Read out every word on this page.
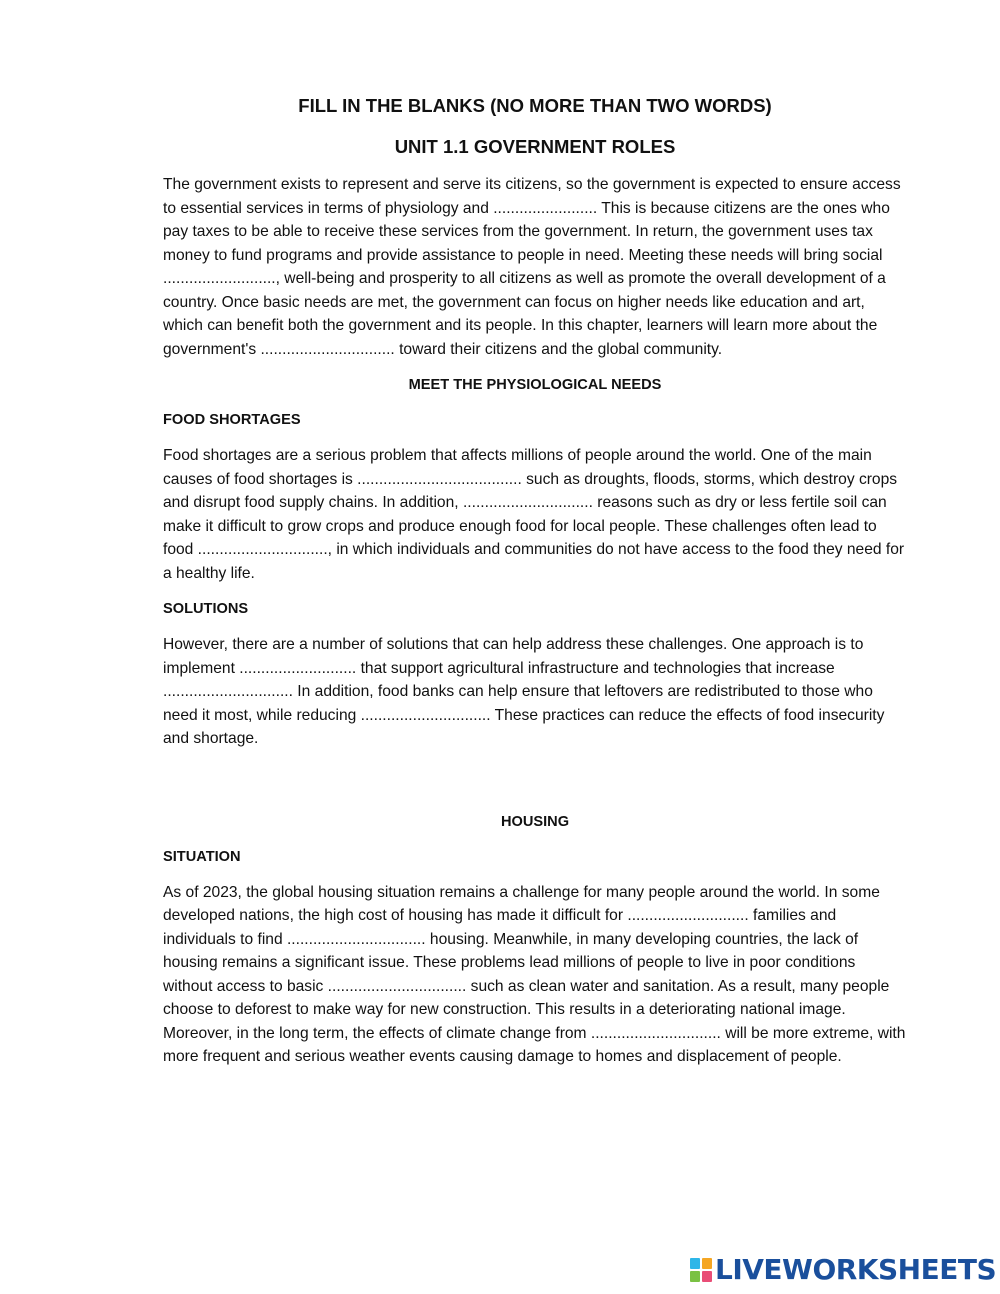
FILL IN THE BLANKS (NO MORE THAN TWO WORDS)
UNIT 1.1 GOVERNMENT ROLES

The government exists to represent and serve its citizens, so the government is expected to ensure access to essential services in terms of physiology and ........................ This is because citizens are the ones who pay taxes to be able to receive these services from the government. In return, the government uses tax money to fund programs and provide assistance to people in need. Meeting these needs will bring social .........................., well-being and prosperity to all citizens as well as promote the overall development of a country. Once basic needs are met, the government can focus on higher needs like education and art, which can benefit both the government and its people. In this chapter, learners will learn more about the government's ............................... toward their citizens and the global community.

MEET THE PHYSIOLOGICAL NEEDS
FOOD SHORTAGES

Food shortages are a serious problem that affects millions of people around the world. One of the main causes of food shortages is ...................................... such as droughts, floods, storms, which destroy crops and disrupt food supply chains. In addition, .............................. reasons such as dry or less fertile soil can make it difficult to grow crops and produce enough food for local people. These challenges often lead to food .............................., in which individuals and communities do not have access to the food they need for a healthy life.

SOLUTIONS

However, there are a number of solutions that can help address these challenges. One approach is to implement ........................... that support agricultural infrastructure and technologies that increase .............................. In addition, food banks can help ensure that leftovers are redistributed to those who need it most, while reducing .............................. These practices can reduce the effects of food insecurity and shortage.

HOUSING
SITUATION

As of 2023, the global housing situation remains a challenge for many people around the world. In some developed nations, the high cost of housing has made it difficult for ............................ families and individuals to find ................................ housing. Meanwhile, in many developing countries, the lack of housing remains a significant issue. These problems lead millions of people to live in poor conditions without access to basic ................................ such as clean water and sanitation. As a result, many people choose to deforest to make way for new construction. This results in a deteriorating national image. Moreover, in the long term, the effects of climate change from .............................. will be more extreme, with more frequent and serious weather events causing damage to homes and displacement of people.

LIVEWORKSHEETS
